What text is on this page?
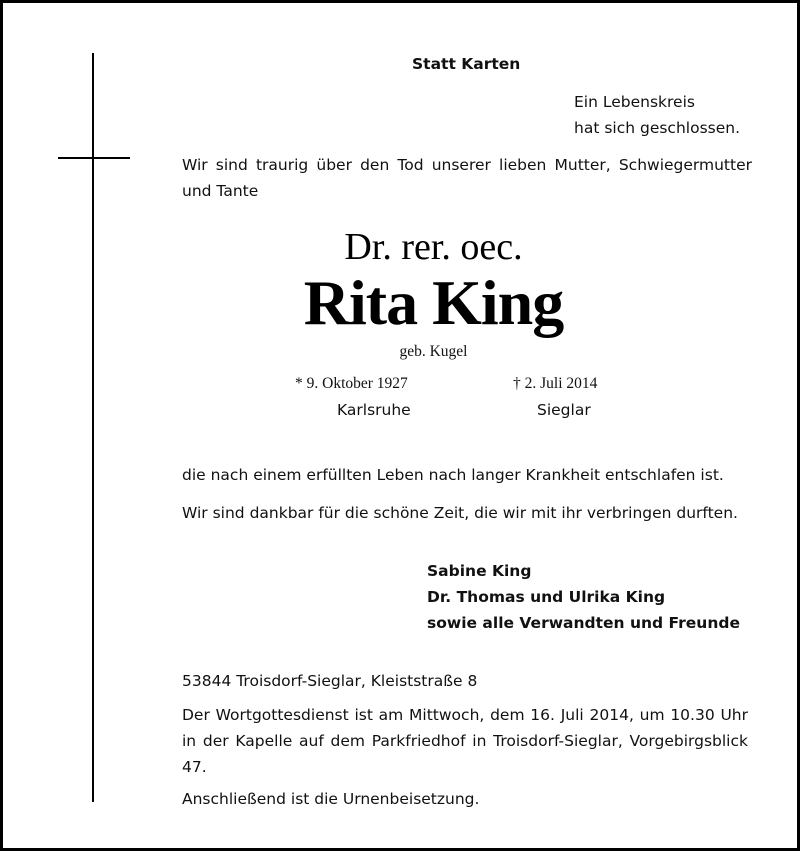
Statt Karten
Ein Lebenskreis
hat sich geschlossen.
Wir sind traurig über den Tod unserer lieben Mutter, Schwiegermutter und Tante
Dr. rer. oec.
Rita King
geb. Kugel
* 9. Oktober 1927
Karlsruhe
† 2. Juli 2014
Sieglar
die nach einem erfüllten Leben nach langer Krankheit entschlafen ist.
Wir sind dankbar für die schöne Zeit, die wir mit ihr verbringen durften.
Sabine King
Dr. Thomas und Ulrika King
sowie alle Verwandten und Freunde
53844 Troisdorf-Sieglar, Kleiststraße 8
Der Wortgottesdienst ist am Mittwoch, dem 16. Juli 2014, um 10.30 Uhr in der Kapelle auf dem Parkfriedhof in Troisdorf-Sieglar, Vorgebirgsblick 47.
Anschließend ist die Urnenbeisetzung.
